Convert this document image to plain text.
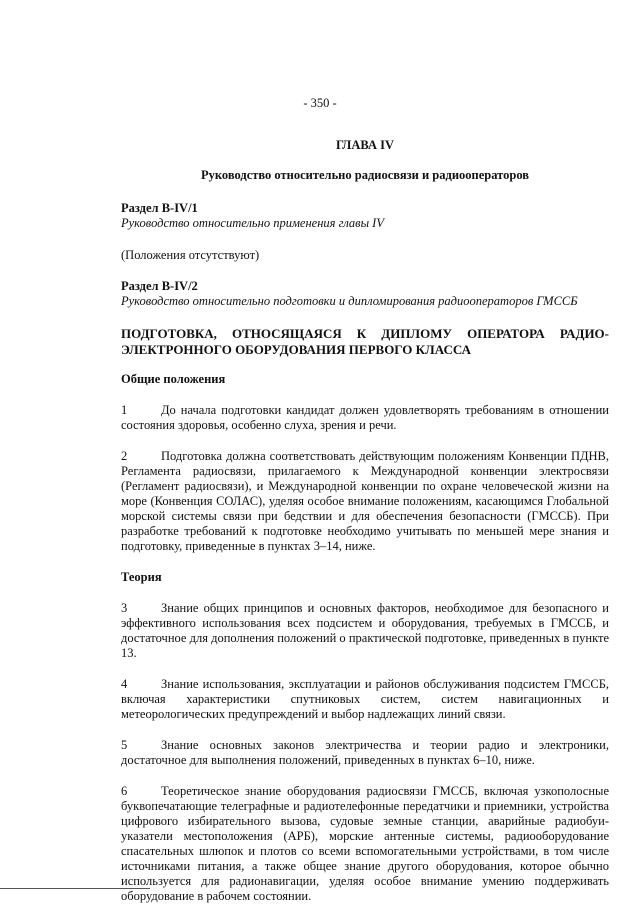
- 350 -

ГЛАВА IV

Руководство относительно радиосвязи и радиооператоров

Раздел B-IV/1

Руководство относительно применения главы IV

(Положения отсутствуют)

Раздел B-IV/2

Руководство относительно подготовки и дипломирования радиооператоров ГМССБ

ПОДГОТОВКА, ОТНОСЯЩАЯСЯ К ДИПЛОМУ ОПЕРАТОРА РАДИО-ЭЛЕКТРОННОГО ОБОРУДОВАНИЯ ПЕРВОГО КЛАССА

Общие положения

1	До начала подготовки кандидат должен удовлетворять требованиям в отношении состояния здоровья, особенно слуха, зрения и речи.

2	Подготовка должна соответствовать действующим положениям Конвенции ПДНВ, Регламента радиосвязи, прилагаемого к Международной конвенции электросвязи (Регламент радиосвязи), и Международной конвенции по охране человеческой жизни на море (Конвенция СОЛАС), уделяя особое внимание положениям, касающимся Глобальной морской системы связи при бедствии и для обеспечения безопасности (ГМССБ). При разработке требований к подготовке необходимо учитывать по меньшей мере знания и подготовку, приведенные в пунктах 3–14, ниже.

Теория

3	Знание общих принципов и основных факторов, необходимое для безопасного и эффективного использования всех подсистем и оборудования, требуемых в ГМССБ, и достаточное для дополнения положений о практической подготовке, приведенных в пункте 13.

4	Знание использования, эксплуатации и районов обслуживания подсистем ГМССБ, включая характеристики спутниковых систем, систем навигационных и метеорологических предупреждений и выбор надлежащих линий связи.

5	Знание основных законов электричества и теории радио и электроники, достаточное для выполнения положений, приведенных в пунктах 6–10, ниже.

6	Теоретическое знание оборудования радиосвязи ГМССБ, включая узкополосные буквопечатающие телеграфные и радиотелефонные передатчики и приемники, устройства цифрового избирательного вызова, судовые земные станции, аварийные радиобуи-указатели местоположения (АРБ), морские антенные системы, радиооборудование спасательных шлюпок и плотов со всеми вспомогательными устройствами, в том числе источниками питания, а также общее знание другого оборудования, которое обычно используется для радионавигации, уделяя особое внимание умению поддерживать оборудование в рабочем состоянии.
